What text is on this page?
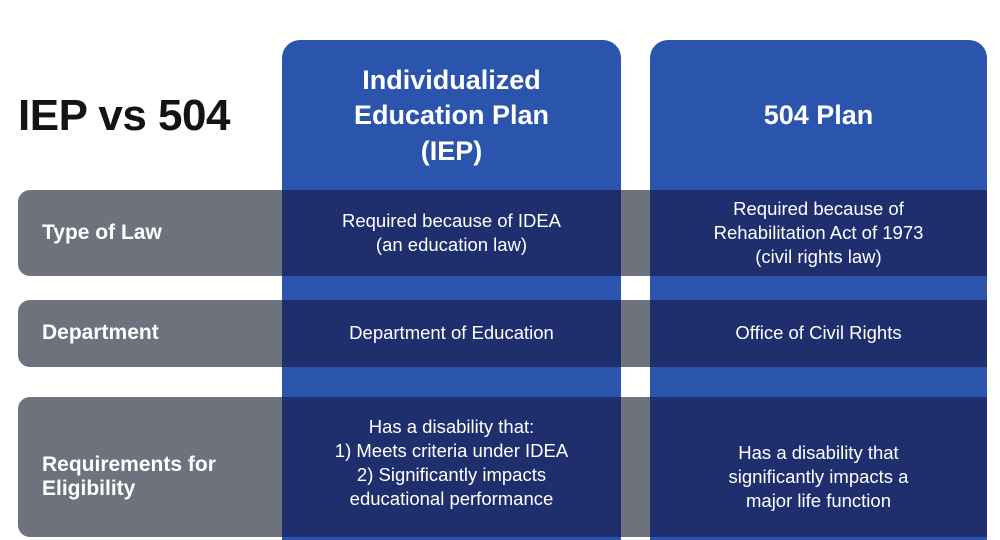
IEP vs 504
Individualized
Education Plan
(IEP)
504 Plan
Type of Law
Department
Requirements for Eligibility
Required because of IDEA
(an education law)
Required because of
Rehabilitation Act of 1973
(civil rights law)
Department of Education	Office of Civil Rights
Has a disability that:
1) Meets criteria under IDEA
2) Significantly impacts
educational performance
Has a disability that
significantly impacts a
major life function
